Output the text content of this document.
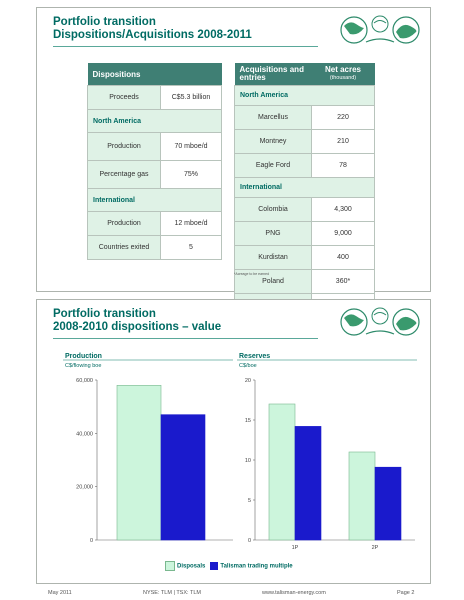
Portfolio transition
Dispositions/Acquisitions 2008-2011
Dispositions	
Proceeds	C$5.3 billion
North America	
Production	70 mboe/d
Percentage gas	75%
International	
Production	12 mboe/d
Countries exited	5
Acquisitions and entries	Net acres
(thousand)

North America	
Marcellus	220
Montney	210
Eagle Ford	78
International	
Colombia	4,300
PNG	9,000
Kurdistan	400
Poland	360*

*Acreage to be earned
Portfolio transition
2008-2010 dispositions – value
Production
C$/flowing boe
0
20,000
40,000
60,000
Reserves
C$/boe
0
5
10
15
20
1P	2P
Disposals	Talisman trading multiple
May 2011	NYSE: TLM | TSX: TLM	www.talisman-energy.com	Page 2
